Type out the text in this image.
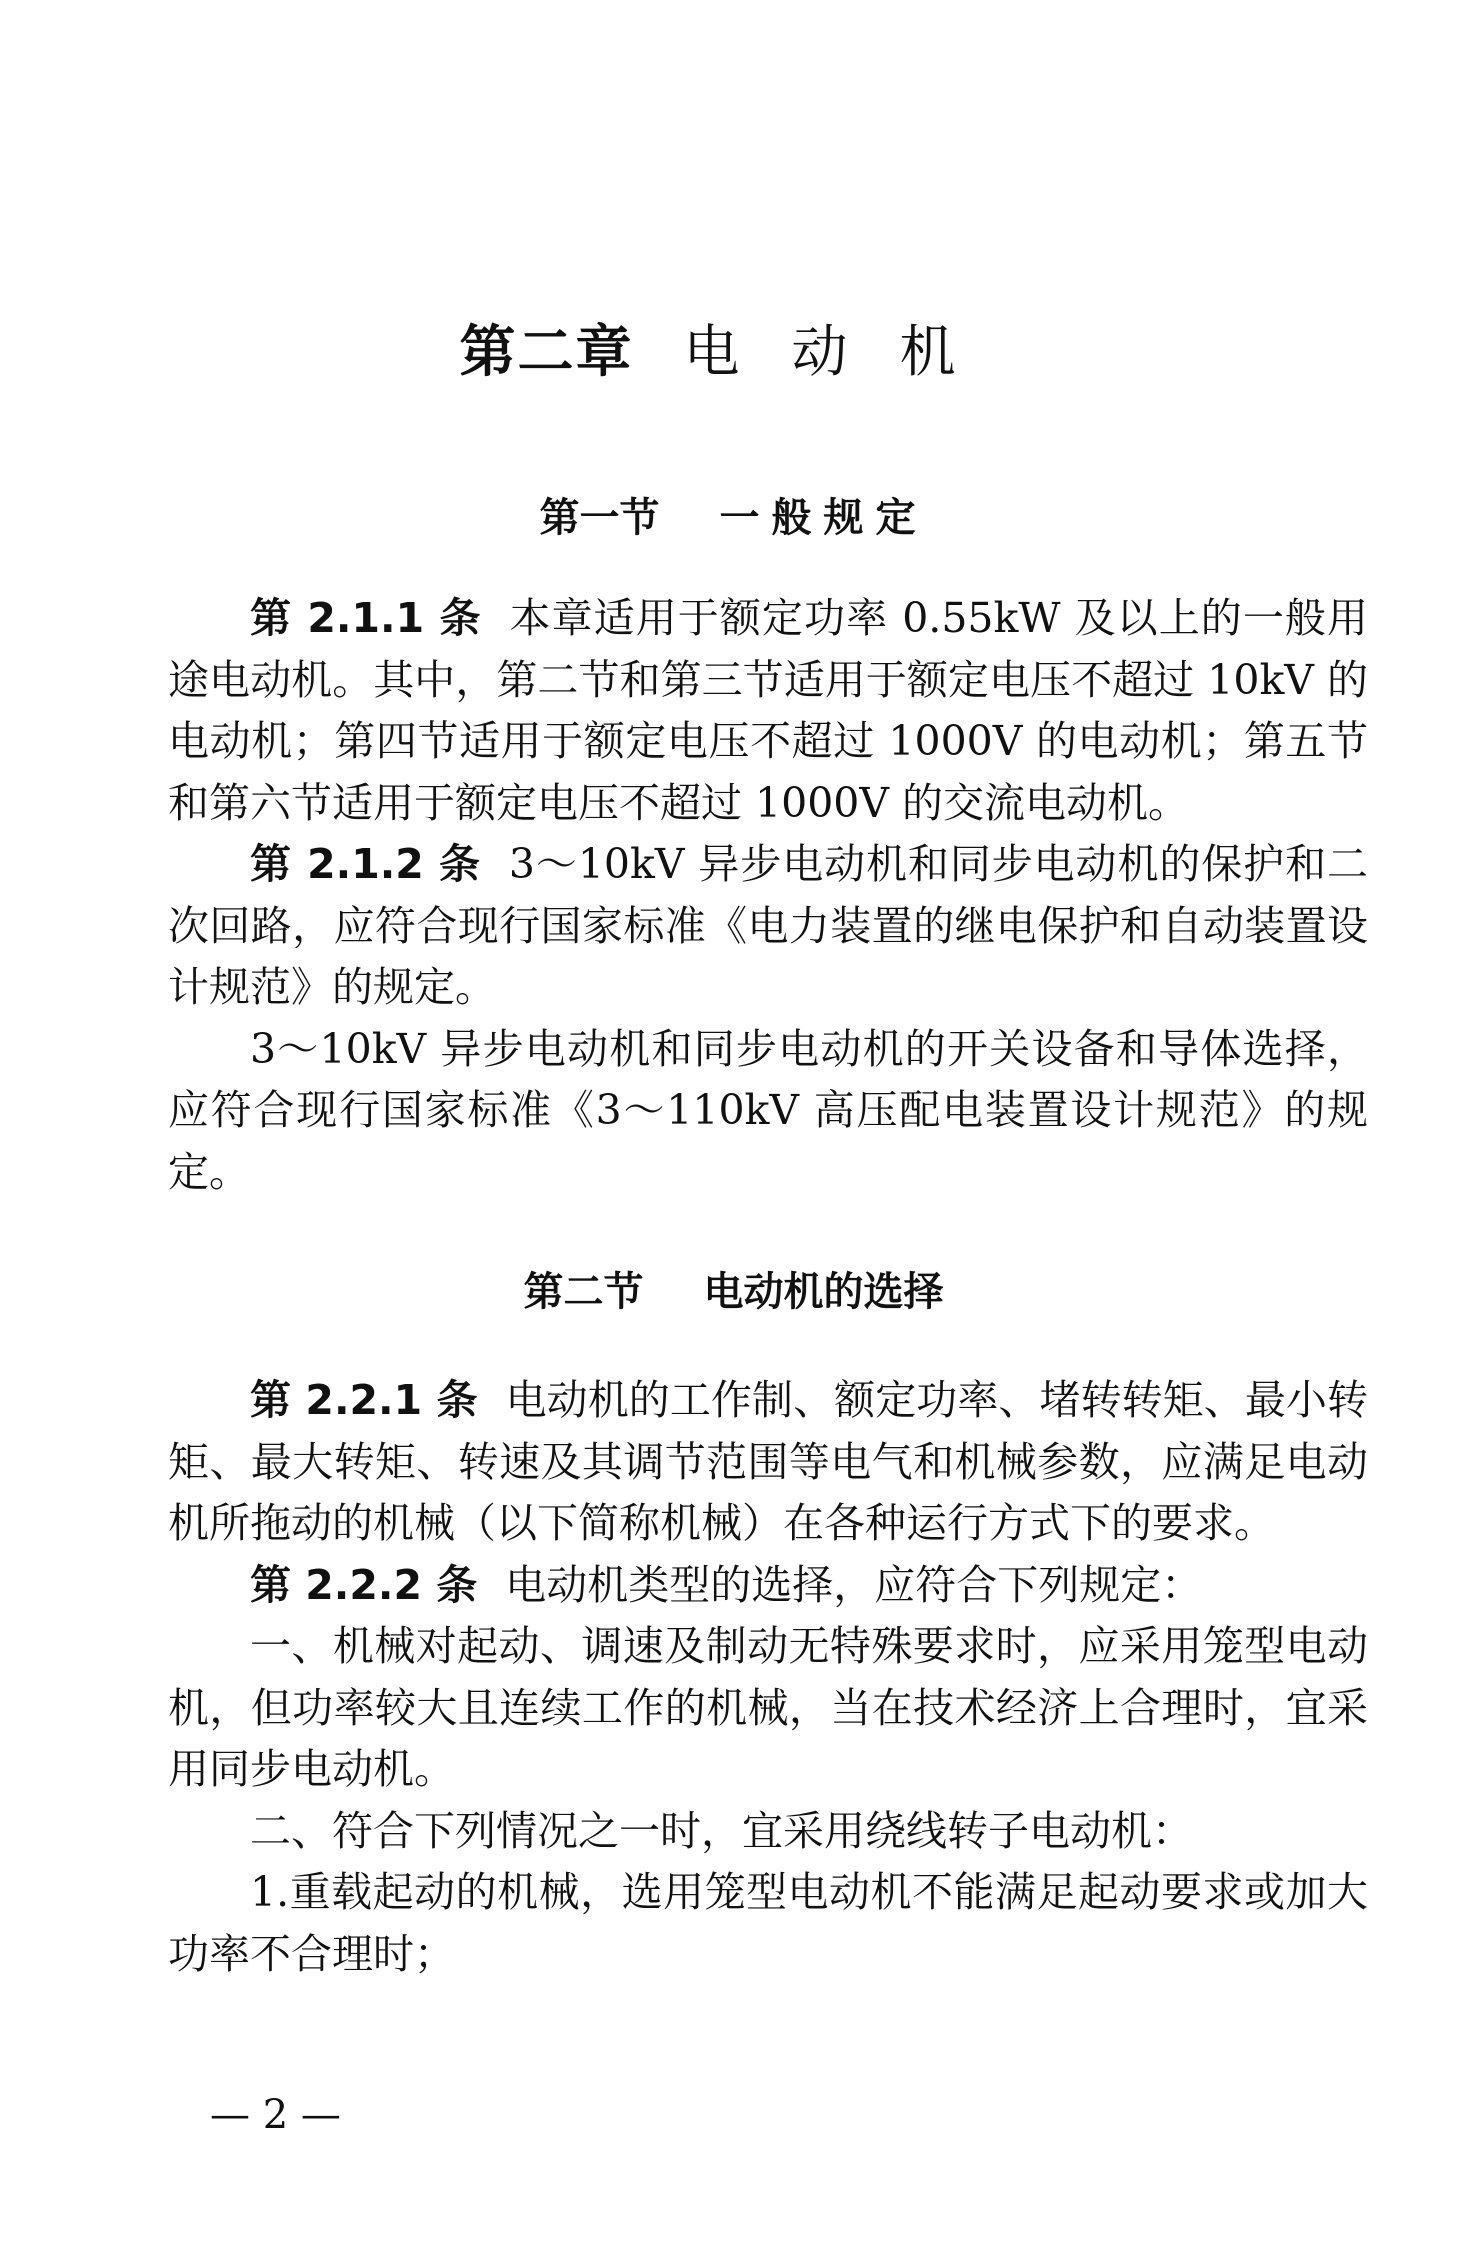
第二章 电动机
第一节 一般规定
第二节 电动机的选择

第 2.1.1 条 本章适用于额定功率 0.55kW 及以上的一般用途电动机。其中，第二节和第三节适用于额定电压不超过 10kV 的电动机；第四节适用于额定电压不超过 1000V 的电动机；第五节和第六节适用于额定电压不超过 1000V 的交流电动机。

第 2.1.2 条 3～10kV 异步电动机和同步电动机的保护和二次回路，应符合现行国家标准《电力装置的继电保护和自动装置设计规范》的规定。

3～10kV 异步电动机和同步电动机的开关设备和导体选择，应符合现行国家标准《3～110kV 高压配电装置设计规范》的规定。

第 2.2.1 条 电动机的工作制、额定功率、堵转转矩、最小转矩、最大转矩、转速及其调节范围等电气和机械参数，应满足电动机所拖动的机械（以下简称机械）在各种运行方式下的要求。

第 2.2.2 条 电动机类型的选择，应符合下列规定：

一、机械对起动、调速及制动无特殊要求时，应采用笼型电动机，但功率较大且连续工作的机械，当在技术经济上合理时，宜采用同步电动机。

二、符合下列情况之一时，宜采用绕线转子电动机：

1.重载起动的机械，选用笼型电动机不能满足起动要求或加大功率不合理时；

— 2 —
